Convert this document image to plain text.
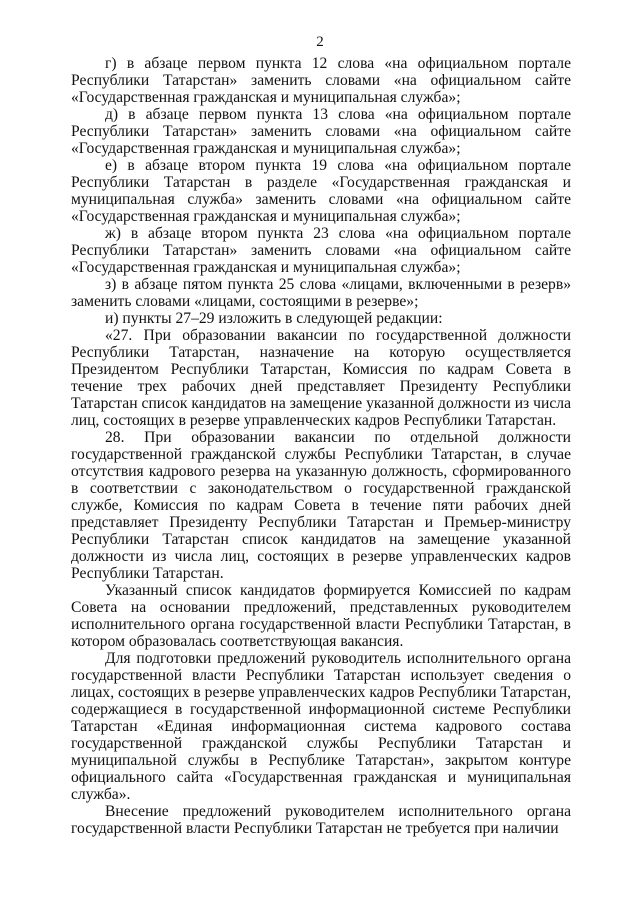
2

г) в абзаце первом пункта 12 слова «на официальном портале Республики Татарстан» заменить словами «на официальном сайте «Государственная гражданская и муниципальная служба»;

д) в абзаце первом пункта 13 слова «на официальном портале Республики Татарстан» заменить словами «на официальном сайте «Государственная гражданская и муниципальная служба»;

е) в абзаце втором пункта 19 слова «на официальном портале Республики Татарстан в разделе «Государственная гражданская и муниципальная служба» заменить словами «на официальном сайте «Государственная гражданская и муниципальная служба»;

ж) в абзаце втором пункта 23 слова «на официальном портале Республики Татарстан» заменить словами «на официальном сайте «Государственная гражданская и муниципальная служба»;

з) в абзаце пятом пункта 25 слова «лицами, включенными в резерв» заменить словами «лицами, состоящими в резерве»;

и) пункты 27–29 изложить в следующей редакции:

«27. При образовании вакансии по государственной должности Республики Татарстан, назначение на которую осуществляется Президентом Республики Татарстан, Комиссия по кадрам Совета в течение трех рабочих дней представляет Президенту Республики Татарстан список кандидатов на замещение указанной должности из числа лиц, состоящих в резерве управленческих кадров Республики Татарстан.

28. При образовании вакансии по отдельной должности государственной гражданской службы Республики Татарстан, в случае отсутствия кадрового резерва на указанную должность, сформированного в соответствии с законодательством о государственной гражданской службе, Комиссия по кадрам Совета в течение пяти рабочих дней представляет Президенту Республики Татарстан и Премьер-министру Республики Татарстан список кандидатов на замещение указанной должности из числа лиц, состоящих в резерве управленческих кадров Республики Татарстан.

Указанный список кандидатов формируется Комиссией по кадрам Совета на основании предложений, представленных руководителем исполнительного органа государственной власти Республики Татарстан, в котором образовалась соответствующая вакансия.

Для подготовки предложений руководитель исполнительного органа государственной власти Республики Татарстан использует сведения о лицах, состоящих в резерве управленческих кадров Республики Татарстан, содержащиеся в государственной информационной системе Республики Татарстан «Единая информационная система кадрового состава государственной гражданской службы Республики Татарстан и муниципальной службы в Республике Татарстан», закрытом контуре официального сайта «Государственная гражданская и муниципальная служба».

Внесение предложений руководителем исполнительного органа государственной власти Республики Татарстан не требуется при наличии
